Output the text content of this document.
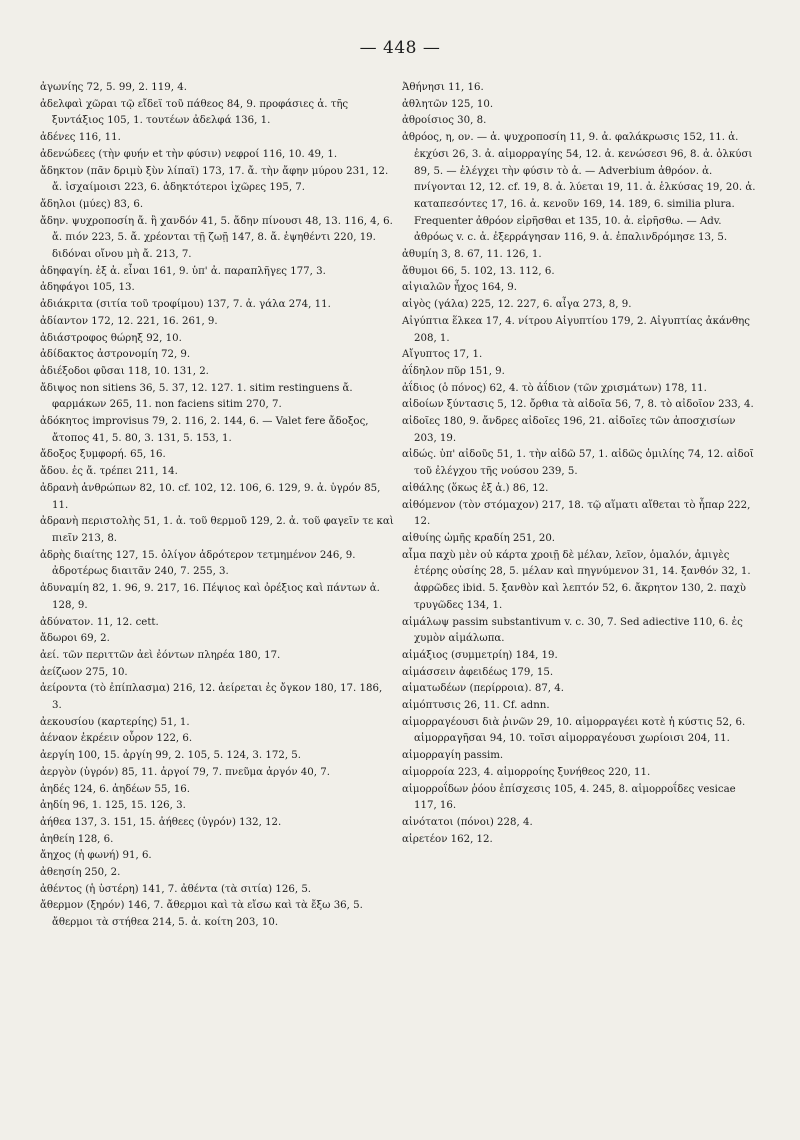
— 448 —

ἀγωνίης 72, 5. 99, 2. 119, 4.

ἀδελφαὶ χῶραι τῷ εἴδεϊ τοῦ πάθεος 84, 9. προφάσιες ἀ. τῆς ξυντάξιος 105, 1. τουτέων ἀδελφά 136, 1.

ἀδένες 116, 11.

ἀδενώδεες (τὴν φυήν et τὴν φύσιν) νεφροί 116, 10. 49, 1.

ἄδηκτον (πᾶν δριμὺ ξὺν λίπαϊ) 173, 17. ἄ. τὴν ἄφην μύρου 231, 12. ἄ. ἰσχαίμοισι 223, 6. ἀδηκτότεροι ἰχῶρες 195, 7.

ἄδηλοι (μύες) 83, 6.

ἄδην. ψυχροποσίη ἄ. ἢ χανδόν 41, 5. ἄδην πίνουσι 48, 13. 116, 4, 6. ἄ. πιόν 223, 5. ἄ. χρέονται τῇ ζωῇ 147, 8. ἄ. ἑψηθέντι 220, 19. διδόναι οἴνου μὴ ἄ. 213, 7.

ἀδηφαγίη. ἐξ ἀ. εἶναι 161, 9. ὑπ' ἀ. παραπλῆγες 177, 3.

ἀδηφάγοι 105, 13.

ἀδιάκριτα (σιτία τοῦ τροφίμου) 137, 7. ἀ. γάλα 274, 11.

ἀδίαντον 172, 12. 221, 16. 261, 9.

ἀδιάστροφος θώρηξ 92, 10.

ἀδίδακτος ἀστρονομίη 72, 9.

ἀδιέξοδοι φῦσαι 118, 10. 131, 2.

ἄδιψος non sitiens 36, 5. 37, 12. 127. 1. sitim restinguens ἄ. φαρμάκων 265, 11. non faciens sitim 270, 7.

ἀδόκητος improvisus 79, 2. 116, 2. 144, 6. — Valet fere ἄδοξος, ἄτοπος 41, 5. 80, 3. 131, 5. 153, 1.

ἄδοξος ξυμφορή. 65, 16.

ἄδου. ἐς ἄ. τρέπει 211, 14.

ἀδρανὴ ἀνθρώπων 82, 10. cf. 102, 12. 106, 6. 129, 9. ἀ. ὑγρόν 85, 11.

ἀδρανὴ περιστολὴς 51, 1. ἀ. τοῦ θερμοῦ 129, 2. ἀ. τοῦ φαγεῖν τε καὶ πιεῖν 213, 8.

ἀδρὴς διαίτης 127, 15. ὀλίγον ἀδρότερον τετμημένον 246, 9. ἀδροτέρως διαιτᾶν 240, 7. 255, 3.

ἀδυναμίη 82, 1. 96, 9. 217, 16. Πέψιος καὶ ὀρέξιος καὶ πάντων ἀ. 128, 9.

ἀδύνατον. 11, 12. cett.

ἄδωροι 69, 2.

ἀεί. τῶν περιττῶν ἀεὶ ἐόντων πληρέα 180, 17.

ἀείζωον 275, 10.

ἀείροντα (τὸ ἐπίπλασμα) 216, 12. ἀείρεται ἐς ὄγκον 180, 17. 186, 3.

ἀεκουσίου (καρτερίης) 51, 1.

ἀέναον ἐκρέειν οὖρον 122, 6.

ἀεργίη 100, 15. ἀργίη 99, 2. 105, 5. 124, 3. 172, 5.

ἀεργὸν (ὑγρόν) 85, 11. ἀργοί 79, 7. πνεῦμα ἀργόν 40, 7.

ἀηδές 124, 6. ἀηδέων 55, 16.

ἀηδίη 96, 1. 125, 15. 126, 3.

ἀήθεα 137, 3. 151, 15. ἀήθεες (ὑγρόν) 132, 12.

ἀηθείη 128, 6.

ἄηχος (ἡ φωνή) 91, 6.

ἀθεησίη 250, 2.

ἀθέντος (ἡ ὑστέρη) 141, 7. ἀθέντα (τὰ σιτία) 126, 5.

ἄθερμον (ξηρόν) 146, 7. ἄθερμοι καὶ τὰ εἴσω καὶ τὰ ἔξω 36, 5. ἄθερμοι τὰ στήθεα 214, 5. ἀ. κοίτη 203, 10.

Ἀθήνησι 11, 16.

ἀθλητῶν 125, 10.

ἀθροίσιος 30, 8.

ἀθρόος, η, ον. — ἀ. ψυχροποσίη 11, 9. ἀ. φαλάκρωσις 152, 11. ἀ. ἐκχύσι 26, 3. ἀ. αἱμορραγίης 54, 12. ἀ. κενώσεσι 96, 8. ἀ. ὁλκύσι 89, 5. — ἐλέγχει τὴν φύσιν τὸ ἀ. — Adverbium ἀθρόον. ἀ. πνίγονται 12, 12. cf. 19, 8. ἀ. λύεται 19, 11. ἀ. ἑλκύσας 19, 20. ἀ. καταπεσόντες 17, 16. ἀ. κενοῦν 169, 14. 189, 6. similia plura. Frequenter ἀθρόον εἰρῆσθαι et 135, 10. ἀ. εἰρῆσθω. — Adv. ἀθρόως v. c. ἀ. ἐξερράγησαν 116, 9. ἀ. ἐπαλινδρόμησε 13, 5.

ἀθυμίη 3, 8. 67, 11. 126, 1.

ἄθυμοι 66, 5. 102, 13. 112, 6.

αἰγιαλῶν ἦχος 164, 9.

αἰγὸς (γάλα) 225, 12. 227, 6. αἶγα 273, 8, 9.

Αἰγύπτια ἕλκεα 17, 4. νίτρου Αἰγυπτίου 179, 2. Αἰγυπτίας ἀκάνθης 208, 1.

Αἴγυπτος 17, 1.

ἀΐδηλον πῦρ 151, 9.

ἀΐδιος (ὁ πόνος) 62, 4. τὸ ἀΐδιον (τῶν χρισμάτων) 178, 11.

αἰδοίων ξύντασις 5, 12. ὄρθια τὰ αἰδοῖα 56, 7, 8. τὸ αἰδοῖον 233, 4.

αἰδοῖες 180, 9. ἄνδρες αἰδοῖες 196, 21. αἰδοῖες τῶν ἀποσχισίων 203, 19.

αἰδώς. ὑπ' αἰδοῦς 51, 1. τὴν αἰδῶ 57, 1. αἰδῶς ὁμιλίης 74, 12. αἰδοῖ τοῦ ἐλέγχου τῆς νούσου 239, 5.

αἰθάλης (ὅκως ἐξ ἀ.) 86, 12.

αἰθόμενον (τὸν στόμαχον) 217, 18. τῷ αἵματι αἴθεται τὸ ἧπαρ 222, 12.

αἰθυίης ὠμῆς κραδίη 251, 20.

αἷμα παχὺ μὲν οὐ κάρτα χροιῇ δὲ μέλαν, λεῖον, ὁμαλόν, ἀμιγὲς ἑτέρης οὐσίης 28, 5. μέλαν καὶ πηγνύμενον 31, 14. ξανθόν 32, 1. ἀφρῶδες ibid. 5. ξανθὸν καὶ λεπτόν 52, 6. ἄκρητον 130, 2. παχὺ τρυγῶδες 134, 1.

αἱμάλωψ passim substantivum v. c. 30, 7. Sed adiective 110, 6. ἐς χυμὸν αἱμάλωπα.

αἱμάξιος (συμμετρίη) 184, 19.

αἱμάσσειν ἀφειδέως 179, 15.

αἱματωδέων (περίρροια). 87, 4.

αἱμόπτυσις 26, 11. Cf. adnn.

αἱμορραγέουσι διὰ ῥινῶν 29, 10. αἱμορραγέει κοτὲ ἡ κύστις 52, 6. αἱμορραγῆσαι 94, 10. τοῖσι αἱμορραγέουσι χωρίοισι 204, 11.

αἱμορραγίη passim.

αἱμορροία 223, 4. αἱμορροίης ξυνήθεος 220, 11.

αἱμορροΐδων ῥόου ἐπίσχεσις 105, 4. 245, 8. αἱμορροΐδες vesicae 117, 16.

αἰνότατοι (πόνοι) 228, 4.

αἱρετέον 162, 12.
